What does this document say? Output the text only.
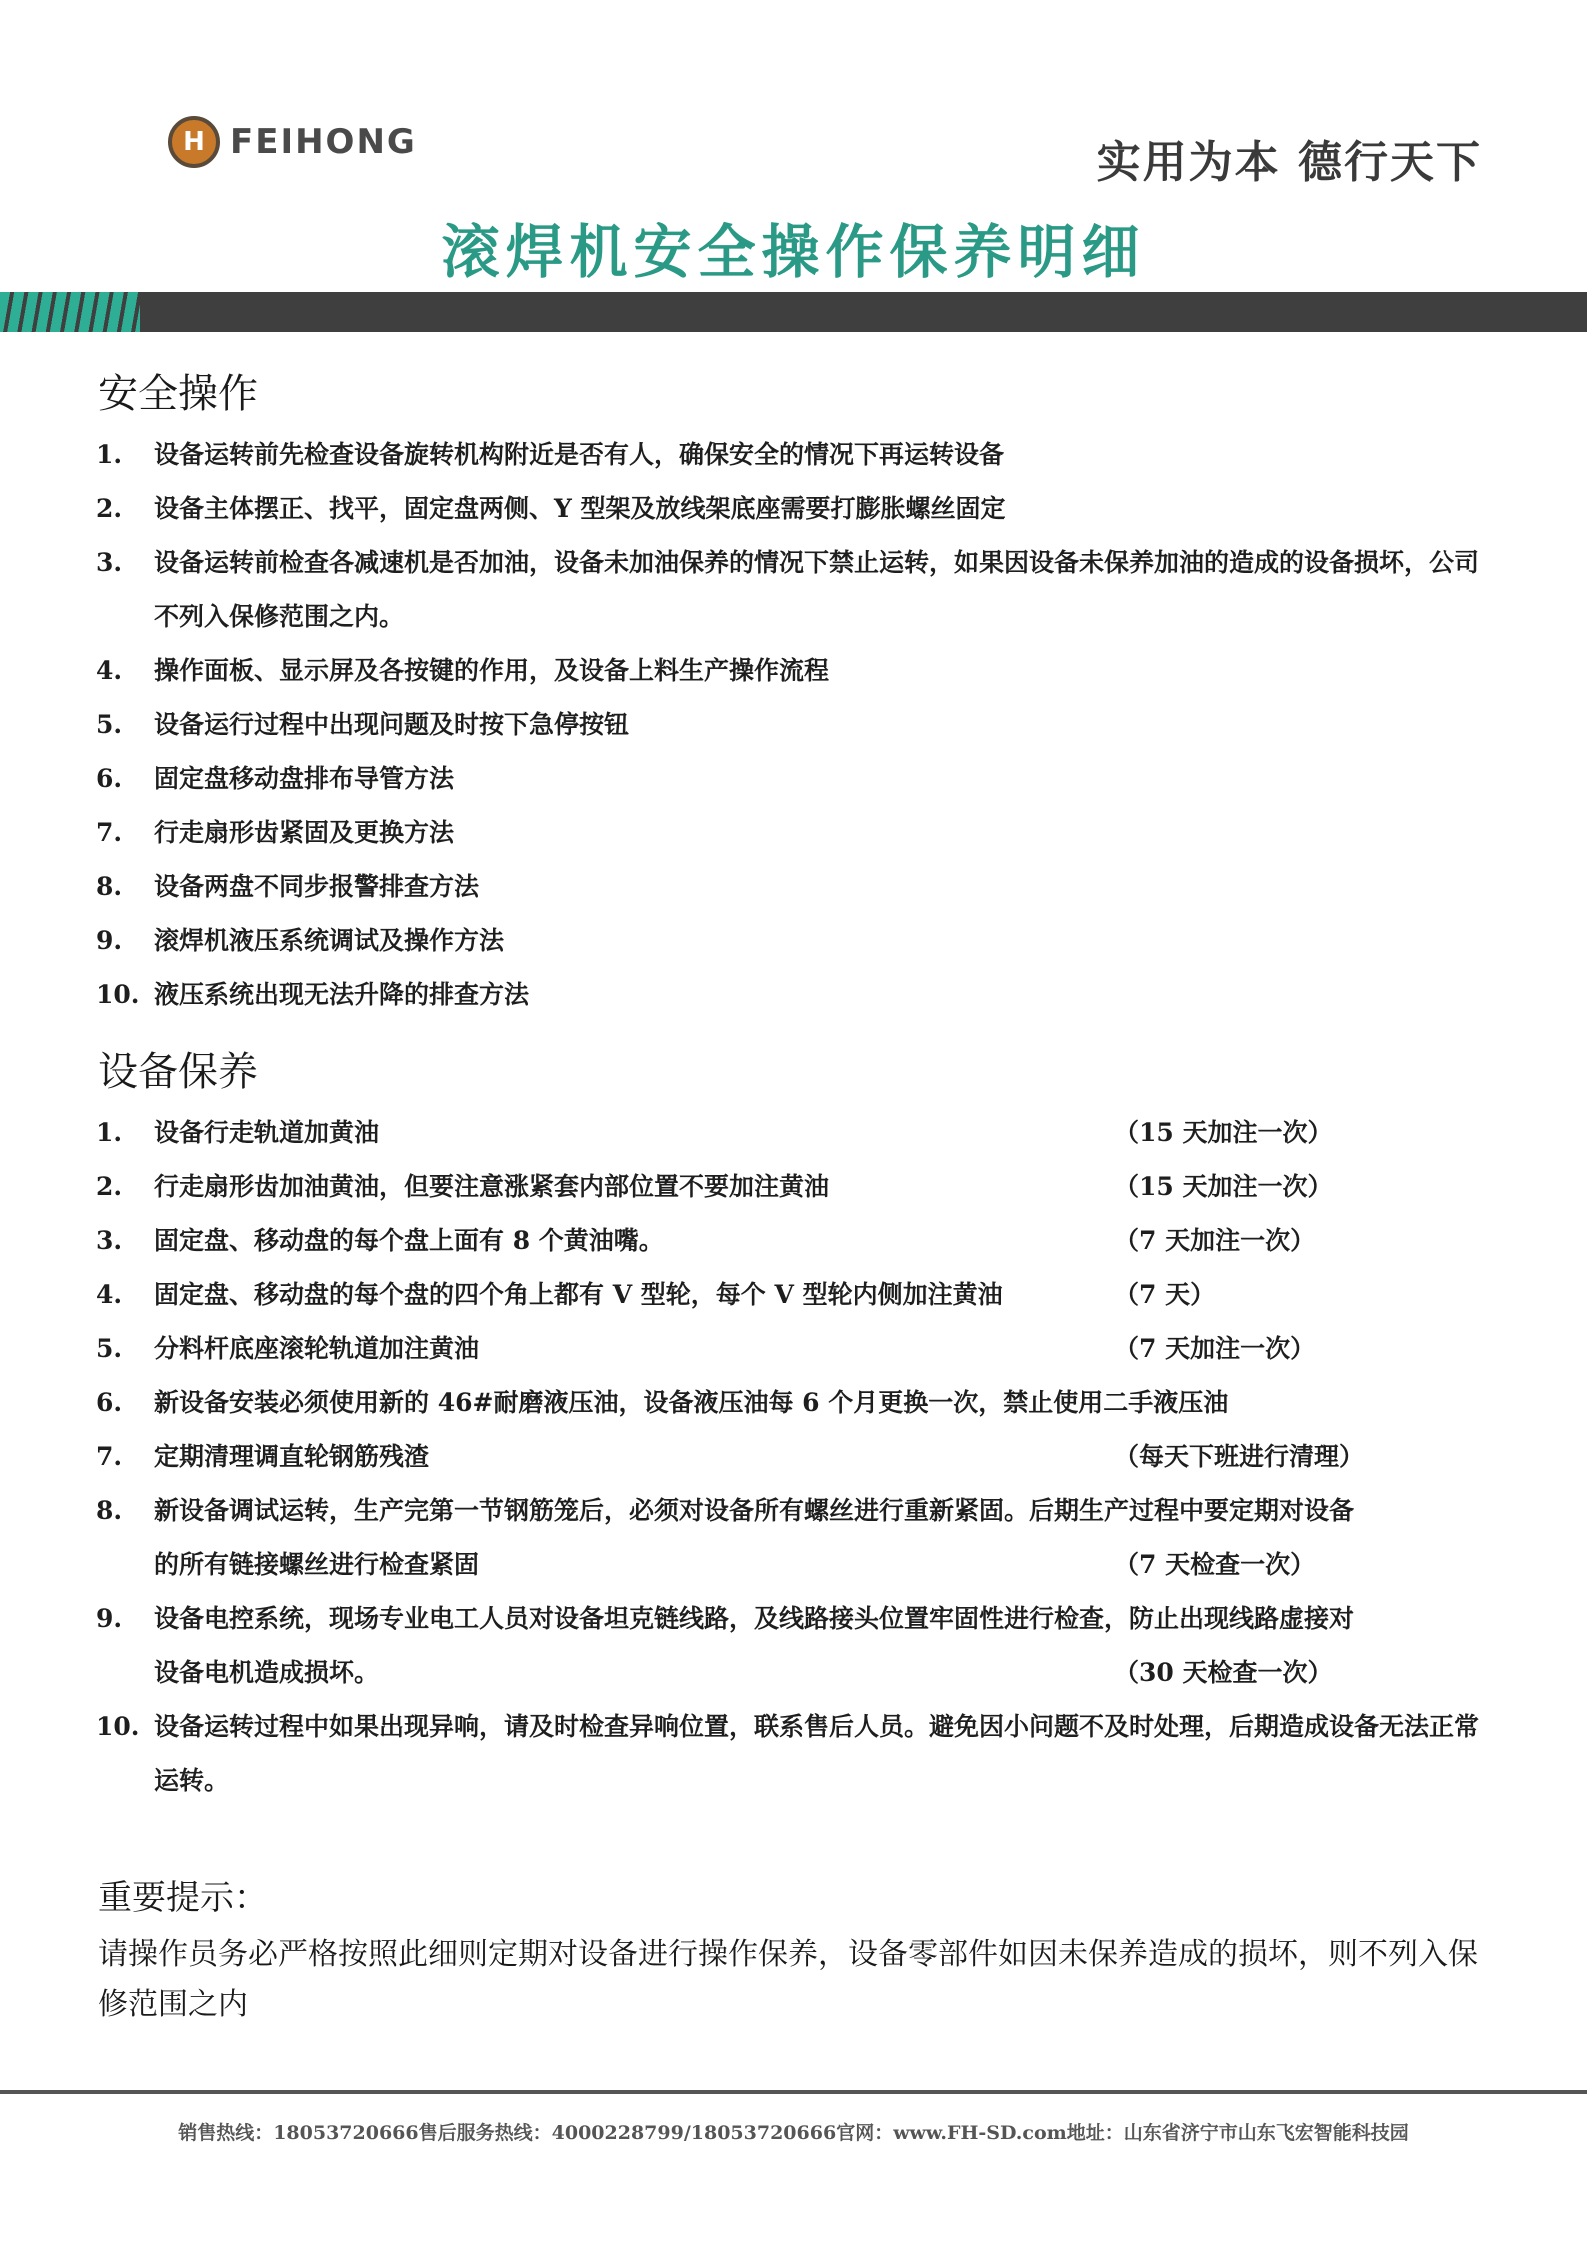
H FEIHONG	实用为本 德行天下
滚焊机安全操作保养明细
安全操作
1.	设备运转前先检查设备旋转机构附近是否有人，确保安全的情况下再运转设备
2.	设备主体摆正、找平，固定盘两侧、Y 型架及放线架底座需要打膨胀螺丝固定
3.	设备运转前检查各减速机是否加油，设备未加油保养的情况下禁止运转，如果因设备未保养加油的造成的设备损坏，公司不列入保修范围之内。
4.	操作面板、显示屏及各按键的作用，及设备上料生产操作流程
5.	设备运行过程中出现问题及时按下急停按钮
6.	固定盘移动盘排布导管方法
7.	行走扇形齿紧固及更换方法
8.	设备两盘不同步报警排查方法
9.	滚焊机液压系统调试及操作方法
10. 液压系统出现无法升降的排查方法
设备保养
1.	设备行走轨道加黄油	（15 天加注一次）
2.	行走扇形齿加油黄油，但要注意涨紧套内部位置不要加注黄油	（15 天加注一次）
3.	固定盘、移动盘的每个盘上面有 8 个黄油嘴。	（7 天加注一次）
4.	固定盘、移动盘的每个盘的四个角上都有 V 型轮，每个 V 型轮内侧加注黄油	（7 天）
5.	分料杆底座滚轮轨道加注黄油	（7 天加注一次）
6.	新设备安装必须使用新的 46#耐磨液压油，设备液压油每 6 个月更换一次，禁止使用二手液压油
7.	定期清理调直轮钢筋残渣	（每天下班进行清理）
8.	新设备调试运转，生产完第一节钢筋笼后，必须对设备所有螺丝进行重新紧固。后期生产过程中要定期对设备
的所有链接螺丝进行检查紧固	（7 天检查一次）
9.	设备电控系统，现场专业电工人员对设备坦克链线路，及线路接头位置牢固性进行检查，防止出现线路虚接对
设备电机造成损坏。	（30 天检查一次）
10. 设备运转过程中如果出现异响，请及时检查异响位置，联系售后人员。避免因小问题不及时处理，后期造成设备无法正常运转。
重要提示：
请操作员务必严格按照此细则定期对设备进行操作保养，设备零部件如因未保养造成的损坏，则不列入保修范围之内
销售热线：18053720666售后服务热线：4000228799/18053720666官网：www.FH-SD.com地址：山东省济宁市山东飞宏智能科技园
